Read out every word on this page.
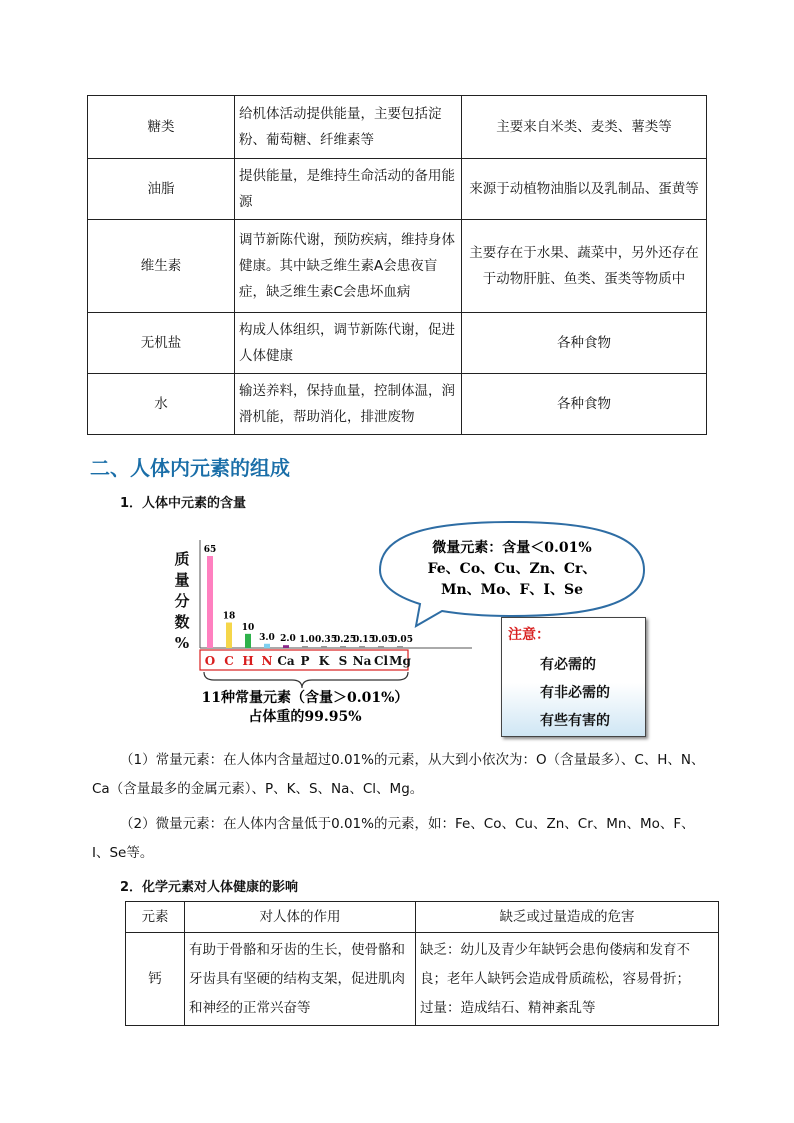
糖类	给机体活动提供能量，主要包括淀粉、葡萄糖、纤维素等	主要来自米类、麦类、薯类等
油脂	提供能量，是维持生命活动的备用能源	来源于动植物油脂以及乳制品、蛋黄等
维生素	调节新陈代谢，预防疾病，维持身体健康。其中缺乏维生素A会患夜盲症，缺乏维生素C会患坏血病	主要存在于水果、蔬菜中，另外还存在于动物肝脏、鱼类、蛋类等物质中
无机盐	构成人体组织，调节新陈代谢，促进人体健康	各种食物
水	输送养料，保持血量，控制体温，润滑机能，帮助消化，排泄废物	各种食物
二、人体内元素的组成
1．人体中元素的含量
质量分数%
65
18
10
3.0 2.0 1.0 0.35
0.25
0.15
0.05
0.05
O C H N Ca P K S Na Cl Mg
11种常量元素（含量＞0.01%）
占体重的99.95%
微量元素：含量＜0.01%
Fe、Co、Cu、Zn、Cr、
Mn、Mo、F、I、Se
注意：
有必需的
有非必需的
有些有害的
（1）常量元素：在人体内含量超过0.01%的元素，从大到小依次为：O（含量最多）、C、H、N、Ca（含量最多的金属元素）、P、K、S、Na、Cl、Mg。
（2）微量元素：在人体内含量低于0.01%的元素，如：Fe、Co、Cu、Zn、Cr、Mn、Mo、F、I、Se等。
2．化学元素对人体健康的影响
元素	对人体的作用	缺乏或过量造成的危害
钙	有助于骨骼和牙齿的生长，使骨骼和牙齿具有坚硬的结构支架，促进肌肉和神经的正常兴奋等	缺乏：幼儿及青少年缺钙会患佝偻病和发育不良；老年人缺钙会造成骨质疏松，容易骨折；
过量：造成结石、精神紊乱等
